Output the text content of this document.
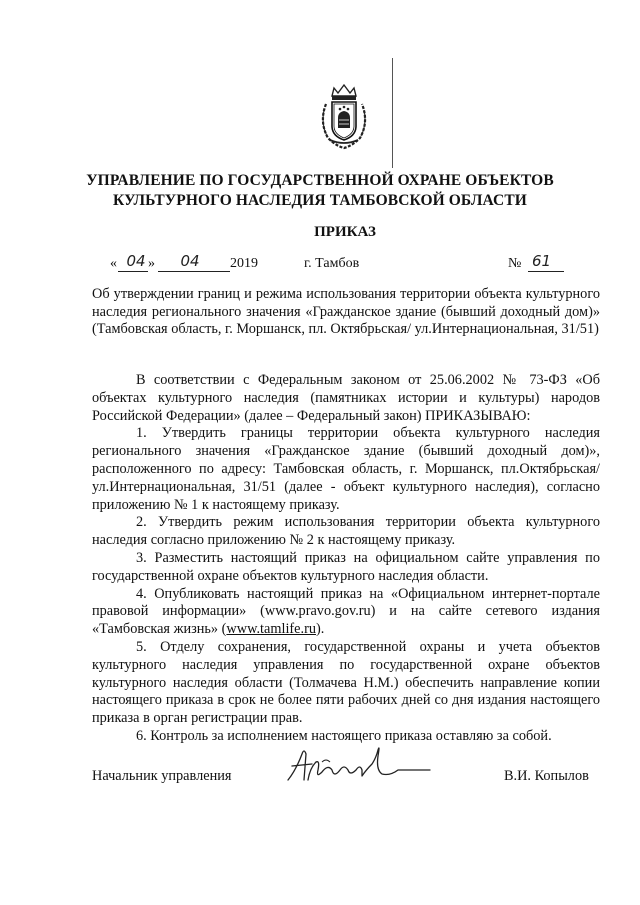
УПРАВЛЕНИЕ ПО ГОСУДАРСТВЕННОЙ ОХРАНЕ ОБЪЕКТОВ
КУЛЬТУРНОГО НАСЛЕДИЯ ТАМБОВСКОЙ ОБЛАСТИ
ПРИКАЗ
« 04 »	04	2019	г. Тамбов	№ 61
Об утверждении границ и режима использования территории объекта культурного наследия регионального значения «Гражданское здание (бывший доходный дом)» (Тамбовская область, г. Моршанск, пл. Октябрьская/ ул.Интернациональная, 31/51)

В соответствии с Федеральным законом от 25.06.2002 № 73-ФЗ «Об объектах культурного наследия (памятниках истории и культуры) народов Российской Федерации» (далее – Федеральный закон) ПРИКАЗЫВАЮ:

1. Утвердить границы территории объекта культурного наследия регионального значения «Гражданское здание (бывший доходный дом)», расположенного по адресу: Тамбовская область, г. Моршанск, пл.Октябрьская/ул.Интернациональная, 31/51 (далее - объект культурного наследия), согласно приложению № 1 к настоящему приказу.

2. Утвердить режим использования территории объекта культурного наследия согласно приложению № 2 к настоящему приказу.

3. Разместить настоящий приказ на официальном сайте управления по государственной охране объектов культурного наследия области.

4. Опубликовать настоящий приказ на «Официальном интернет-портале правовой информации» (www.pravo.gov.ru) и на сайте сетевого издания «Тамбовская жизнь» (www.tamlife.ru).

5. Отделу сохранения, государственной охраны и учета объектов культурного наследия управления по государственной охране объектов культурного наследия области (Толмачева Н.М.) обеспечить направление копии настоящего приказа в срок не более пяти рабочих дней со дня издания настоящего приказа в орган регистрации прав.

6. Контроль за исполнением настоящего приказа оставляю за собой.

Начальник управления	В.И. Копылов
